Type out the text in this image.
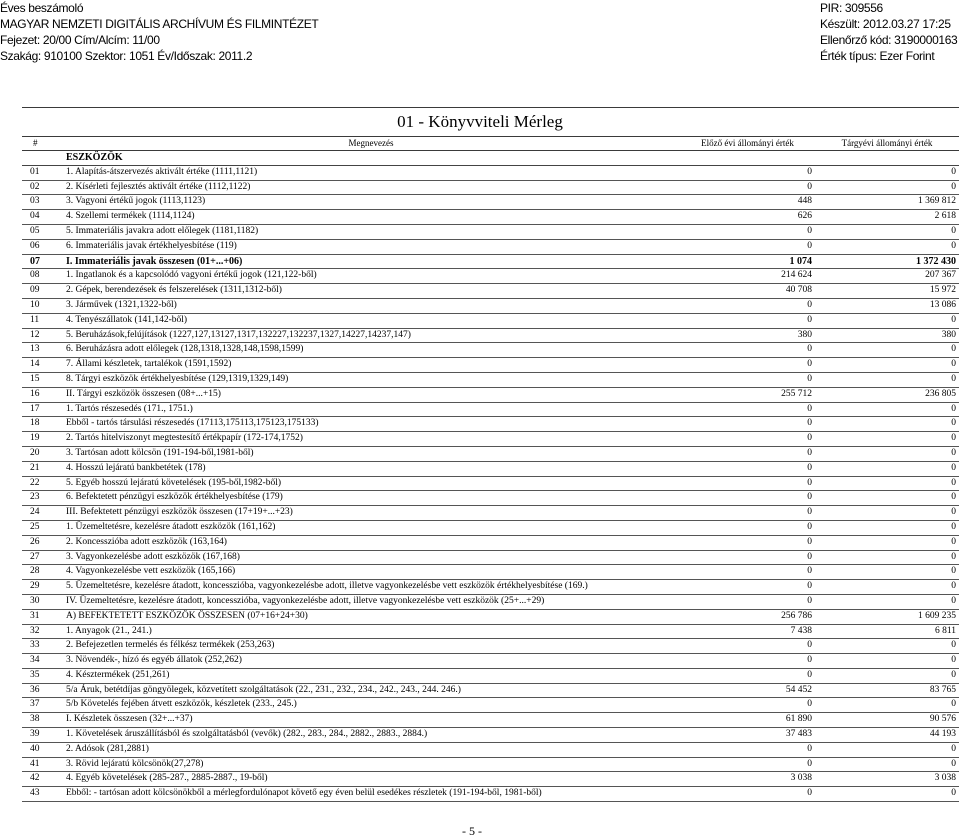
Éves beszámoló
MAGYAR NEMZETI DIGITÁLIS ARCHÍVUM ÉS FILMINTÉZET
Fejezet: 20/00 Cím/Alcím: 11/00
Szakág: 910100 Szektor: 1051 Év/Időszak: 2011.2
PIR: 309556
Készült: 2012.03.27 17:25
Ellenőrző kód: 3190000163
Érték típus: Ezer Forint
01 - Könyvviteli Mérleg
#	Megnevezés	Előző évi állományi érték	Tárgyévi állományi érték
ESZKÖZÖK
01	1. Alapítás-átszervezés aktivált értéke (1111,1121)	0	0
02	2. Kísérleti fejlesztés aktivált értéke (1112,1122)	0	0
03	3. Vagyoni értékű jogok (1113,1123)	448	1 369 812
04	4. Szellemi termékek (1114,1124)	626	2 618
05	5. Immateriális javakra adott előlegek (1181,1182)	0	0
06	6. Immateriális javak értékhelyesbítése (119)	0	0
07	I. Immateriális javak összesen (01+...+06)	1 074	1 372 430
08	1. Ingatlanok és a kapcsolódó vagyoni értékű jogok (121,122-ből)	214 624	207 367
09	2. Gépek, berendezések és felszerelések (1311,1312-ből)	40 708	15 972
10	3. Járművek (1321,1322-ből)	0	13 086
11	4. Tenyészállatok (141,142-ből)	0	0
12	5. Beruházások,felújítások (1227,127,13127,1317,132227,132237,1327,14227,14237,147)	380	380
13	6. Beruházásra adott előlegek (128,1318,1328,148,1598,1599)	0	0
14	7. Állami készletek, tartalékok (1591,1592)	0	0
15	8. Tárgyi eszközök értékhelyesbítése (129,1319,1329,149)	0	0
16	II. Tárgyi eszközök összesen (08+...+15)	255 712	236 805
17	1. Tartós részesedés (171., 1751.)	0	0
18	Ebből - tartós társulási részesedés (17113,175113,175123,175133)	0	0
19	2. Tartós hitelviszonyt megtestesítő értékpapír (172-174,1752)	0	0
20	3. Tartósan adott kölcsön (191-194-ből,1981-ből)	0	0
21	4. Hosszú lejáratú bankbetétek (178)	0	0
22	5. Egyéb hosszú lejáratú követelések (195-ből,1982-ből)	0	0
23	6. Befektetett pénzügyi eszközök értékhelyesbítése (179)	0	0
24	III. Befektetett pénzügyi eszközök összesen (17+19+...+23)	0	0
25	1. Üzemeltetésre, kezelésre átadott eszközök (161,162)	0	0
26	2. Koncesszióba adott eszközök (163,164)	0	0
27	3. Vagyonkezelésbe adott eszközök (167,168)	0	0
28	4. Vagyonkezelésbe vett eszközök (165,166)	0	0
29	5. Üzemeltetésre, kezelésre átadott, koncesszióba, vagyonkezelésbe adott, illetve vagyonkezelésbe vett eszközök értékhelyesbítése (169.)	0	0
30	IV. Üzemeltetésre, kezelésre átadott, koncesszióba, vagyonkezelésbe adott, illetve vagyonkezelésbe vett eszközök (25+...+29)	0	0
31	A) BEFEKTETETT ESZKÖZÖK ÖSSZESEN (07+16+24+30)	256 786	1 609 235
32	1. Anyagok (21., 241.)	7 438	6 811
33	2. Befejezetlen termelés és félkész termékek (253,263)	0	0
34	3. Növendék-, hízó és egyéb állatok (252,262)	0	0
35	4. Késztermékek (251,261)	0	0
36	5/a Áruk, betétdíjas göngyölegek, közvetített szolgáltatások (22., 231., 232., 234., 242., 243., 244. 246.)	54 452	83 765
37	5/b Követelés fejében átvett eszközök, készletek (233., 245.)	0	0
38	I. Készletek összesen (32+...+37)	61 890	90 576
39	1. Követelések áruszállításból és szolgáltatásból (vevők) (282., 283., 284., 2882., 2883., 2884.)	37 483	44 193
40	2. Adósok (281,2881)	0	0
41	3. Rövid lejáratú kölcsönök(27,278)	0	0
42	4. Egyéb követelések (285-287., 2885-2887., 19-ből)	3 038	3 038
43	Ebből: - tartósan adott kölcsönökből a mérlegfordulónapot követő egy éven belül esedékes részletek (191-194-ből, 1981-ből)	0	0
- 5 -
